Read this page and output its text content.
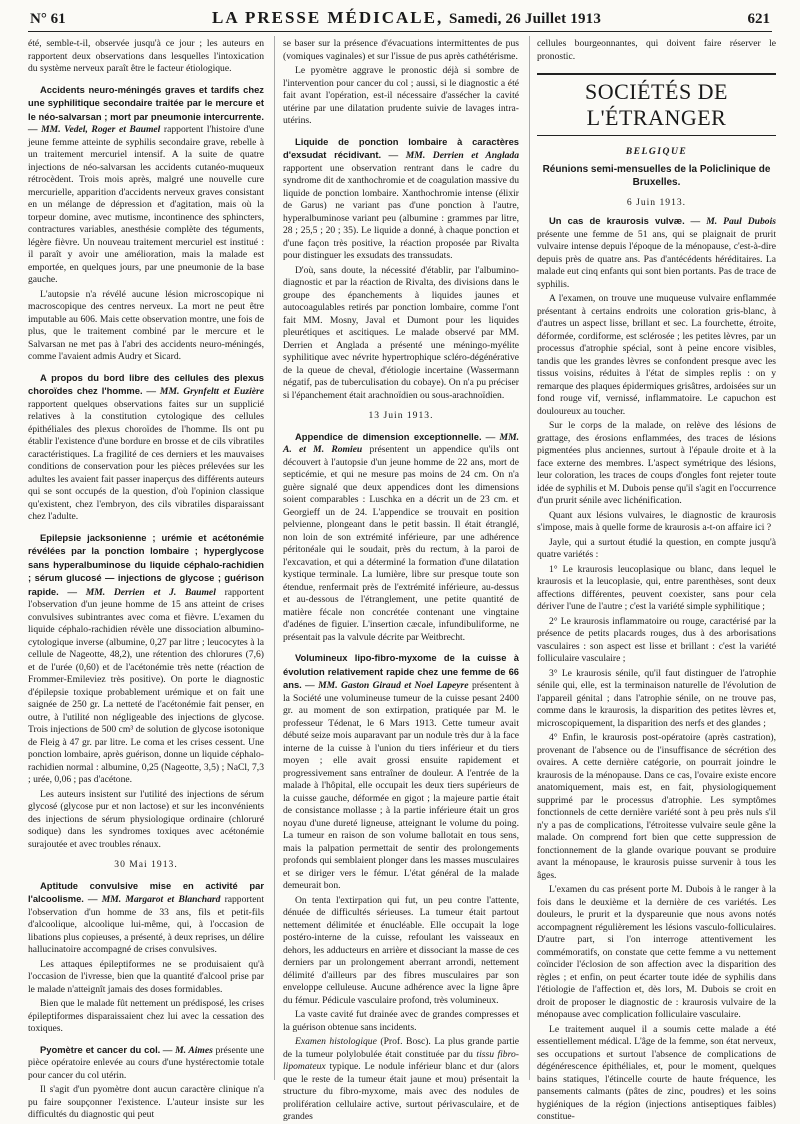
N° 61	LA PRESSE MÉDICALE, Samedi, 26 Juillet 1913	621

été, semble-t-il, observée jusqu'à ce jour ; les auteurs en rapportent deux observations dans lesquelles l'intoxication du système nerveux paraît être le facteur étiologique.

Accidents neuro-méningés graves et tardifs chez une syphilitique secondaire traitée par le mercure et le néo-salvarsan ; mort par pneumonie intercurrente. — MM. Vedel, Roger et Baumel rapportent l'histoire d'une jeune femme atteinte de syphilis secondaire grave, rebelle à un traitement mercuriel intensif. A la suite de quatre injections de néo-salvarsan les accidents cutanéo-muqueux rétrocèdent. Trois mois après, malgré une nouvelle cure mercurielle, apparition d'accidents nerveux graves consistant en un mélange de dépression et d'agitation, mais où la torpeur domine, avec mutisme, incontinence des sphincters, contractures variables, anesthésie complète des téguments, légère fièvre. Un nouveau traitement mercuriel est institué : il paraît y avoir une amélioration, mais la malade est emportée, en quelques jours, par une pneumonie de la base gauche.

L'autopsie n'a révélé aucune lésion microscopique ni macroscopique des centres nerveux. La mort ne peut être imputable au 606. Mais cette observation montre, une fois de plus, que le traitement combiné par le mercure et le Salvarsan ne met pas à l'abri des accidents neuro-méningés, comme l'avaient admis Audry et Sicard.

A propos du bord libre des cellules des plexus choroïdes chez l'homme. — MM. Grynfeltt et Euzière rapportent quelques observations faites sur un supplicié relatives à la constitution cytologique des cellules épithéliales des plexus choroïdes de l'homme. Ils ont pu établir l'existence d'une bordure en brosse et de cils vibratiles caractéristiques. La fragilité de ces derniers et les mauvaises conditions de conservation pour les pièces prélevées sur les adultes les avaient fait passer inaperçus des différents auteurs qui se sont occupés de la question, d'où l'opinion classique qu'existent, chez l'embryon, des cils vibratiles disparaissant chez l'adulte.

Epilepsie jacksonienne ; urémie et acétonémie révélées par la ponction lombaire ; hyperglycose sans hyperalbuminose du liquide céphalo-rachidien ; sérum glucosé — injections de glycose ; guérison rapide. — MM. Derrien et J. Baumel rapportent l'observation d'un jeune homme de 15 ans atteint de crises convulsives subintrantes avec coma et fièvre. L'examen du liquide céphalo-rachidien révèle une dissociation albumino-cytologique inverse (albumine, 0,27 par litre ; leucocytes à la cellule de Nageotte, 48,2), une rétention des chlorures (7,6) et de l'urée (0,60) et de l'acétonémie très nette (réaction de Frommer-Emileviez très positive). On porte le diagnostic d'épilepsie toxique probablement urémique et on fait une saignée de 250 gr. La netteté de l'acétonémie fait penser, en outre, à l'utilité non négligeable des injections de glycose. Trois injections de 500 cm³ de solution de glycose isotonique de Fleig à 47 gr. par litre. Le coma et les crises cessent. Une ponction lombaire, après guérison, donne un liquide céphalo-rachidien normal : albumine, 0,25 (Nageotte, 3,5) ; NaCl, 7,3 ; urée, 0,06 ; pas d'acétone.

Les auteurs insistent sur l'utilité des injections de sérum glycosé (glycose pur et non lactose) et sur les inconvénients des injections de sérum physiologique ordinaire (chloruré sodique) dans les syndromes toxiques avec acétonémie surajoutée et avec troubles rénaux.

30 Mai 1913.

Aptitude convulsive mise en activité par l'alcoolisme. — MM. Margarot et Blanchard rapportent l'observation d'un homme de 33 ans, fils et petit-fils d'alcoolique, alcoolique lui-même, qui, à l'occasion de libations plus copieuses, a présenté, à deux reprises, un délire hallucinatoire accompagné de crises convulsives.

Les attaques épileptiformes ne se produisaient qu'à l'occasion de l'ivresse, bien que la quantité d'alcool prise par le malade n'atteignît jamais des doses formidables.

Bien que le malade fût nettement un prédisposé, les crises épileptiformes disparaissaient chez lui avec la cessation des toxiques.

Pyomètre et cancer du col. — M. Aimes présente une pièce opératoire enlevée au cours d'une hystérectomie totale pour cancer du col utérin.

Il s'agit d'un pyomètre dont aucun caractère clinique n'a pu faire soupçonner l'existence. L'auteur insiste sur les difficultés du diagnostic qui peut

se baser sur la présence d'évacuations intermittentes de pus (vomiques vaginales) et sur l'issue de pus après cathétérisme.

Le pyomètre aggrave le pronostic déjà si sombre de l'intervention pour cancer du col ; aussi, si le diagnostic a été fait avant l'opération, est-il nécessaire d'assécher la cavité utérine par une dilatation prudente suivie de lavages intra-utérins.

Liquide de ponction lombaire à caractères d'exsudat récidivant. — MM. Derrien et Anglada rapportent une observation rentrant dans le cadre du syndrome dit de xanthochromie et de coagulation massive du liquide de ponction lombaire. Xanthochromie intense (élixir de Garus) ne variant pas d'une ponction à l'autre, hyperalbuminose variant peu (albumine : grammes par litre, 28 ; 25,5 ; 20 ; 35). Le liquide a donné, à chaque ponction et d'une façon très positive, la réaction proposée par Rivalta pour distinguer les exsudats des transsudats.

D'où, sans doute, la nécessité d'établir, par l'albumino-diagnostic et par la réaction de Rivalta, des divisions dans le groupe des épanchements à liquides jaunes et autocoagulables retirés par ponction lombaire, comme l'ont fait MM. Mosny, Javal et Dumont pour les liquides pleurétiques et ascitiques. Le malade observé par MM. Derrien et Anglada a présenté une méningo-myélite syphilitique avec névrite hypertrophique scléro-dégénérative de la queue de cheval, d'étiologie incertaine (Wassermann négatif, pas de tuberculisation du cobaye). On n'a pu préciser si l'épanchement était arachnoïdien ou sous-arachnoïdien.

13 Juin 1913.

Appendice de dimension exceptionnelle. — MM. A. et M. Romieu présentent un appendice qu'ils ont découvert à l'autopsie d'un jeune homme de 22 ans, mort de septicémie, et qui ne mesure pas moins de 24 cm. On n'a guère signalé que deux appendices dont les dimensions soient comparables : Luschka en a décrit un de 23 cm. et Georgieff un de 24. L'appendice se trouvait en position pelvienne, plongeant dans le petit bassin. Il était étranglé, non loin de son extrémité inférieure, par une adhérence péritonéale qui le soudait, près du rectum, à la paroi de l'excavation, et qui a déterminé la formation d'une dilatation kystique terminale. La lumière, libre sur presque toute son étendue, renfermait près de l'extrémité inférieure, au-dessus et au-dessous de l'étranglement, une petite quantité de matière fécale non concrétée contenant une vingtaine d'adénes de figuier. L'insertion cæcale, infundibuliforme, ne présentait pas la valvule décrite par Weitbrecht.

Volumineux lipo-fibro-myxome de la cuisse à évolution relativement rapide chez une femme de 66 ans. — MM. Gaston Giraud et Noel Lapeyre présentent à la Société une volumineuse tumeur de la cuisse pesant 2400 gr. au moment de son extirpation, pratiquée par M. le professeur Tédenat, le 6 Mars 1913. Cette tumeur avait débuté seize mois auparavant par un nodule très dur à la face interne de la cuisse à l'union du tiers inférieur et du tiers moyen ; elle avait grossi ensuite rapidement et progressivement sans entraîner de douleur. A l'entrée de la malade à l'hôpital, elle occupait les deux tiers supérieurs de la cuisse gauche, déformée en gigot ; la majeure partie était de consistance mollasse ; à la partie inférieure était un gros noyau d'une dureté ligneuse, atteignant le volume du poing. La tumeur en raison de son volume ballotait en tous sens, mais la palpation permettait de sentir des prolongements profonds qui semblaient plonger dans les masses musculaires et se diriger vers le fémur. L'état général de la malade demeurait bon.

On tenta l'extirpation qui fut, un peu contre l'attente, dénuée de difficultés sérieuses. La tumeur était partout nettement délimitée et énucléable. Elle occupait la loge postéro-interne de la cuisse, refoulant les vaisseaux en dehors, les adducteurs en arrière et dissociant la masse de ces derniers par un prolongement aberrant arrondi, nettement délimité d'ailleurs par des fibres musculaires par son enveloppe celluleuse. Aucune adhérence avec la ligne âpre du fémur. Pédicule vasculaire profond, très volumineux.

La vaste cavité fut drainée avec de grandes compresses et la guérison obtenue sans incidents.

Examen histologique (Prof. Bosc). La plus grande partie de la tumeur polylobulée était constituée par du tissu fibro-lipomateux typique. Le nodule inférieur blanc et dur (alors que le reste de la tumeur était jaune et mou) présentait la structure du fibro-myxome, mais avec des nodules de prolifération cellulaire active, surtout périvasculaire, et de grandes

cellules bourgeonnantes, qui doivent faire réserver le pronostic.

SOCIÉTÉS DE L'ÉTRANGER

BELGIQUE

Réunions semi-mensuelles de la Policlinique de Bruxelles.

6 Juin 1913.

Un cas de kraurosis vulvæ. — M. Paul Dubois présente une femme de 51 ans, qui se plaignait de prurit vulvaire intense depuis l'époque de la ménopause, c'est-à-dire depuis près de quatre ans. Pas d'antécédents héréditaires. La malade eut cinq enfants qui sont bien portants. Pas de trace de syphilis.

A l'examen, on trouve une muqueuse vulvaire enflammée présentant à certains endroits une coloration gris-blanc, à d'autres un aspect lisse, brillant et sec. La fourchette, étroite, déformée, cordiforme, est sclérosée ; les petites lèvres, par un processus d'atrophie spécial, sont à peine encore visibles, tandis que les grandes lèvres se confondent presque avec les tissus voisins, réduites à l'état de simples replis : on y remarque des plaques épidermiques grisâtres, ardoisées sur un fond rouge vif, vernissé, inflammatoire. Le capuchon est douloureux au toucher.

Sur le corps de la malade, on relève des lésions de grattage, des érosions enflammées, des traces de lésions pigmentées plus anciennes, surtout à l'épaule droite et à la face externe des membres. L'aspect symétrique des lésions, leur coloration, les traces de coups d'ongles font rejeter toute idée de syphilis et M. Dubois pense qu'il s'agit en l'occurrence d'un prurit sénile avec lichénification.

Quant aux lésions vulvaires, le diagnostic de kraurosis s'impose, mais à quelle forme de kraurosis a-t-on affaire ici ?

Jayle, qui a surtout étudié la question, en compte jusqu'à quatre variétés :

1° Le kraurosis leucoplasique ou blanc, dans lequel le kraurosis et la leucoplasie, qui, entre parenthèses, sont deux affections différentes, peuvent coexister, sans pour cela dériver l'une de l'autre ; c'est la variété simple syphilitique ;
2° Le kraurosis inflammatoire ou rouge, caractérisé par la présence de petits placards rouges, dus à des arborisations vasculaires : son aspect est lisse et brillant : c'est la variété folliculaire vasculaire ;
3° Le kraurosis sénile, qu'il faut distinguer de l'atrophie sénile qui, elle, est la terminaison naturelle de l'évolution de l'appareil génital ; dans l'atrophie sénile, on ne trouve pas, comme dans le kraurosis, la disparition des petites lèvres et, microscopiquement, la disparition des nerfs et des glandes ;
4° Enfin, le kraurosis post-opératoire (après castration), provenant de l'absence ou de l'insuffisance de sécrétion des ovaires. A cette dernière catégorie, on pourrait joindre le kraurosis de la ménopause. Dans ce cas, l'ovaire existe encore anatomiquement, mais est, en fait, physiologiquement supprimé par le processus d'atrophie. Les symptômes fonctionnels de cette dernière variété sont à peu près nuls s'il n'y a pas de complications, l'étroitesse vulvaire seule gêne la malade. On comprend fort bien que cette suppression de fonctionnement de la glande ovarique pouvant se produire avant la ménopause, le kraurosis puisse survenir à tous les âges.

L'examen du cas présent porte M. Dubois à le ranger à la fois dans le deuxième et la dernière de ces variétés. Les douleurs, le prurit et la dyspareunie que nous avons notés accompagnent régulièrement les lésions vasculo-folliculaires. D'autre part, si l'on interroge attentivement les commémoratifs, on constate que cette femme a vu nettement coïncider l'éclosion de son affection avec la disparition des règles ; et enfin, on peut écarter toute idée de syphilis dans l'étiologie de l'affection et, dès lors, M. Dubois se croit en droit de proposer le diagnostic de : kraurosis vulvaire de la ménopause avec complication folliculaire vasculaire.

Le traitement auquel il a soumis cette malade a été essentiellement médical. L'âge de la femme, son état nerveux, ses occupations et surtout l'absence de complications de dégénérescence épithéliales, et, pour le moment, quelques bains statiques, l'étincelle courte de haute fréquence, les pansements calmants (pâtes de zinc, poudres) et les soins hygiéniques de la région (injections antiseptiques faibles) constitue-
